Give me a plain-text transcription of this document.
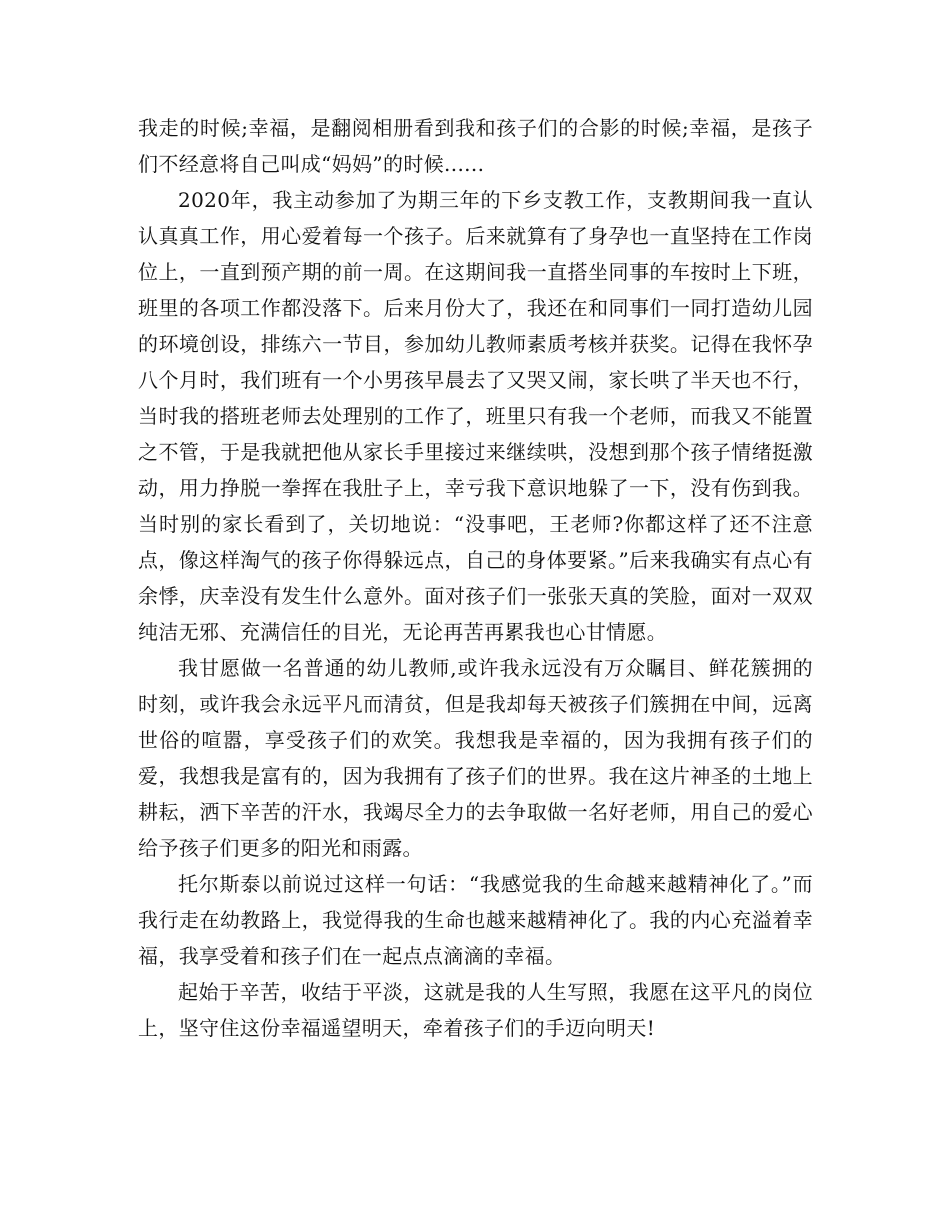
我走的时候;幸福，是翻阅相册看到我和孩子们的合影的时候;幸福，是孩子们不经意将自己叫成“妈妈”的时候......

2020年，我主动参加了为期三年的下乡支教工作，支教期间我一直认认真真工作，用心爱着每一个孩子。后来就算有了身孕也一直坚持在工作岗位上，一直到预产期的前一周。在这期间我一直搭坐同事的车按时上下班，班里的各项工作都没落下。后来月份大了，我还在和同事们一同打造幼儿园的环境创设，排练六一节目，参加幼儿教师素质考核并获奖。记得在我怀孕八个月时，我们班有一个小男孩早晨去了又哭又闹，家长哄了半天也不行，当时我的搭班老师去处理别的工作了，班里只有我一个老师，而我又不能置之不管，于是我就把他从家长手里接过来继续哄，没想到那个孩子情绪挺激动，用力挣脱一拳挥在我肚子上，幸亏我下意识地躲了一下，没有伤到我。当时别的家长看到了，关切地说：“没事吧，王老师?你都这样了还不注意点，像这样淘气的孩子你得躲远点，自己的身体要紧。”后来我确实有点心有余悸，庆幸没有发生什么意外。面对孩子们一张张天真的笑脸，面对一双双纯洁无邪、充满信任的目光，无论再苦再累我也心甘情愿。

我甘愿做一名普通的幼儿教师,或许我永远没有万众瞩目、鲜花簇拥的时刻，或许我会永远平凡而清贫，但是我却每天被孩子们簇拥在中间，远离世俗的喧嚣，享受孩子们的欢笑。我想我是幸福的，因为我拥有孩子们的爱，我想我是富有的，因为我拥有了孩子们的世界。我在这片神圣的土地上耕耘，洒下辛苦的汗水，我竭尽全力的去争取做一名好老师，用自己的爱心给予孩子们更多的阳光和雨露。

托尔斯泰以前说过这样一句话：“我感觉我的生命越来越精神化了。”而我行走在幼教路上，我觉得我的生命也越来越精神化了。我的内心充溢着幸福，我享受着和孩子们在一起点点滴滴的幸福。

起始于辛苦，收结于平淡，这就是我的人生写照，我愿在这平凡的岗位上，坚守住这份幸福遥望明天，牵着孩子们的手迈向明天!
